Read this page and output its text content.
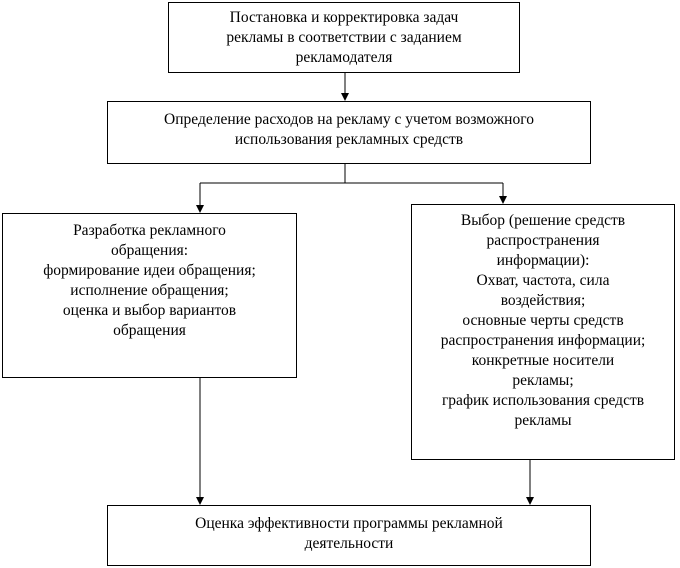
Постановка и корректировка задач
рекламы в соответствии с заданием
рекламодателя
Определение расходов на рекламу с учетом возможного
использования рекламных средств
Разработка рекламного
обращения:
формирование идеи обращения;
исполнение обращения;
оценка и выбор вариантов
обращения
Выбор (решение средств
распространения
информации):
Охват, частота, сила
воздействия;
основные черты средств
распространения информации;
конкретные носители
рекламы;
график использования средств
рекламы
Оценка эффективности программы рекламной
деятельности
